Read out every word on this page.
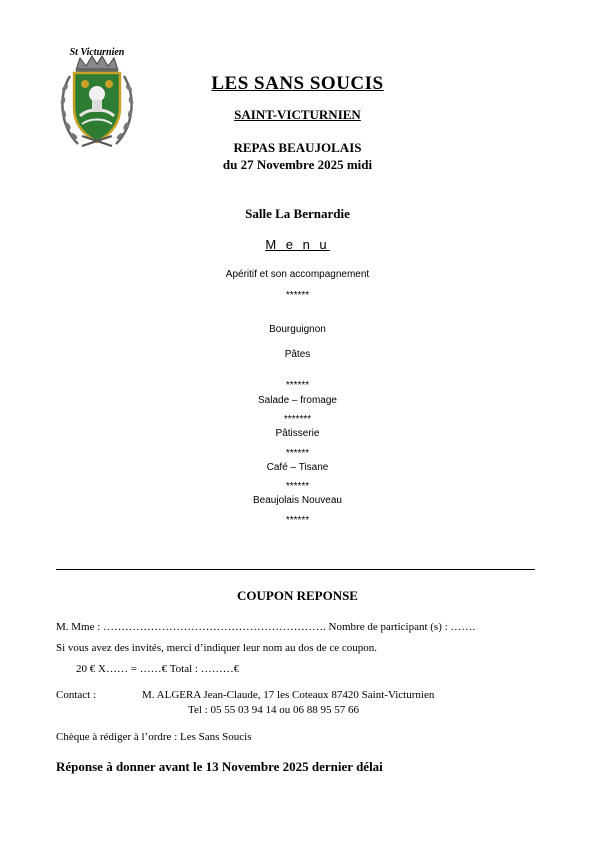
St Victurnien
LES SANS SOUCIS
SAINT-VICTURNIEN
REPAS BEAUJOLAIS
du 27 Novembre 2025 midi
Salle La Bernardie
M e n u
Apéritif et son accompagnement
******
Bourguignon
Pâtes
******
Salade – fromage
*******
Pâtisserie
******
Café – Tisane
******
Beaujolais Nouveau
******
COUPON REPONSE
M. Mme : ……………………………………………………. Nombre de participant (s) : …….
Si vous avez des invités, merci d’indiquer leur nom au dos de ce coupon.
20 € X…… = ……€ Total : ………€
Contact :	M. ALGERA Jean-Claude, 17 les Coteaux 87420 Saint-Victurnien
Tel : 05 55 03 94 14 ou 06 88 95 57 66
Chèque à rédiger à l’ordre : Les Sans Soucis
Réponse à donner avant le 13 Novembre 2025 dernier délai
